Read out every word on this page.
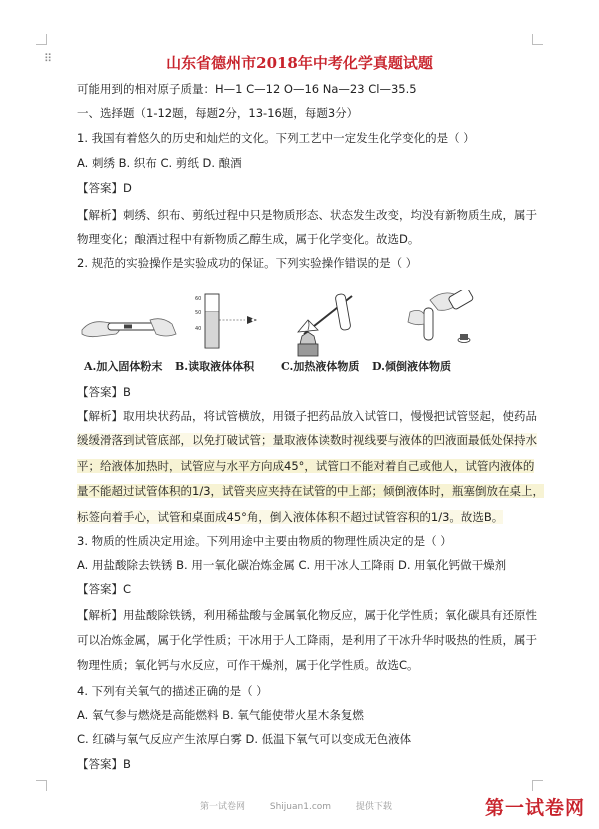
⠿	山东省德州市2018年中考化学真题试题
可能用到的相对原子质量：H—1 C—12 O—16 Na—23 Cl—35.5
一、选择题（1-12题，每题2分，13-16题，每题3分）
1. 我国有着悠久的历史和灿烂的文化。下列工艺中一定发生化学变化的是（ ）
A. 刺绣 B. 织布 C. 剪纸 D. 酿酒
【答案】D
【解析】刺绣、织布、剪纸过程中只是物质形态、状态发生改变，均没有新物质生成，属于
物理变化；酿酒过程中有新物质乙醇生成，属于化学变化。故选D。
2. 规范的实验操作是实验成功的保证。下列实验操作错误的是（ ）
60
50
40
A.加入固体粉末 B.读取液体体积 C.加热液体物质 D.倾倒液体物质
【答案】B
【解析】取用块状药品，将试管横放，用镊子把药品放入试管口，慢慢把试管竖起，使药品
缓缓滑落到试管底部，以免打破试管；量取液体读数时视线要与液体的凹液面最低处保持水
平；给液体加热时，试管应与水平方向成45°，试管口不能对着自己或他人，试管内液体的
量不能超过试管体积的1/3，试管夹应夹持在试管的中上部；倾倒液体时，瓶塞倒放在桌上，
标签向着手心，试管和桌面成45°角，倒入液体体积不超过试管容积的1/3。故选B。
3. 物质的性质决定用途。下列用途中主要由物质的物理性质决定的是（ ）
A. 用盐酸除去铁锈 B. 用一氧化碳冶炼金属 C. 用干冰人工降雨 D. 用氧化钙做干燥剂
【答案】C
【解析】用盐酸除铁锈，利用稀盐酸与金属氧化物反应，属于化学性质；氧化碳具有还原性
可以冶炼金属，属于化学性质；干冰用于人工降雨，是利用了干冰升华时吸热的性质，属于
物理性质；氧化钙与水反应，可作干燥剂，属于化学性质。故选C。
4. 下列有关氧气的描述正确的是（ ）
A. 氧气参与燃烧是高能燃料 B. 氧气能使带火星木条复燃
C. 红磷与氧气反应产生浓厚白雾 D. 低温下氧气可以变成无色液体
【答案】B
第一试卷网	Shijuan1.com	提供下载	第一试卷网
